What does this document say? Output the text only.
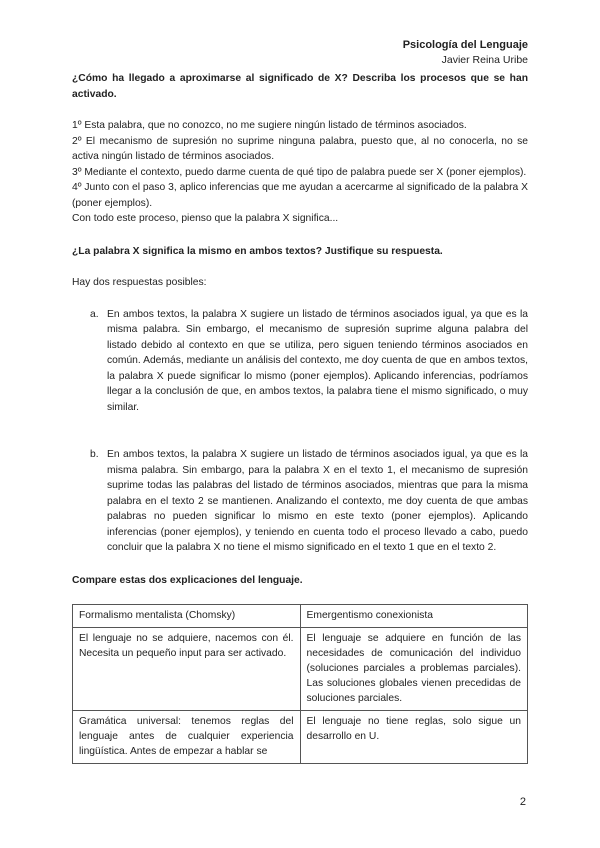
Psicología del Lenguaje
Javier Reina Uribe

¿Cómo ha llegado a aproximarse al significado de X? Describa los procesos que se han activado.

1º Esta palabra, que no conozco, no me sugiere ningún listado de términos asociados.

2º El mecanismo de supresión no suprime ninguna palabra, puesto que, al no conocerla, no se activa ningún listado de términos asociados.

3º Mediante el contexto, puedo darme cuenta de qué tipo de palabra puede ser X (poner ejemplos).

4º Junto con el paso 3, aplico inferencias que me ayudan a acercarme al significado de la palabra X (poner ejemplos).

Con todo este proceso, pienso que la palabra X significa...

¿La palabra X significa la mismo en ambos textos? Justifique su respuesta.

Hay dos respuestas posibles:

a. En ambos textos, la palabra X sugiere un listado de términos asociados igual, ya que es la misma palabra. Sin embargo, el mecanismo de supresión suprime alguna palabra del listado debido al contexto en que se utiliza, pero siguen teniendo términos asociados en común. Además, mediante un análisis del contexto, me doy cuenta de que en ambos textos, la palabra X puede significar lo mismo (poner ejemplos). Aplicando inferencias, podríamos llegar a la conclusión de que, en ambos textos, la palabra tiene el mismo significado, o muy similar.
b. En ambos textos, la palabra X sugiere un listado de términos asociados igual, ya que es la misma palabra. Sin embargo, para la palabra X en el texto 1, el mecanismo de supresión suprime todas las palabras del listado de términos asociados, mientras que para la misma palabra en el texto 2 se mantienen. Analizando el contexto, me doy cuenta de que ambas palabras no pueden significar lo mismo en este texto (poner ejemplos). Aplicando inferencias (poner ejemplos), y teniendo en cuenta todo el proceso llevado a cabo, puedo concluir que la palabra X no tiene el mismo significado en el texto 1 que en el texto 2.

Compare estas dos explicaciones del lenguaje.

Formalismo mentalista (Chomsky)	Emergentismo conexionista
El lenguaje no se adquiere, nacemos con él. Necesita un pequeño input para ser activado.	El lenguaje se adquiere en función de las necesidades de comunicación del individuo (soluciones parciales a problemas parciales). Las soluciones globales vienen precedidas de soluciones parciales.
Gramática universal: tenemos reglas del lenguaje antes de cualquier experiencia lingüística. Antes de empezar a hablar se	El lenguaje no tiene reglas, solo sigue un desarrollo en U.
2
